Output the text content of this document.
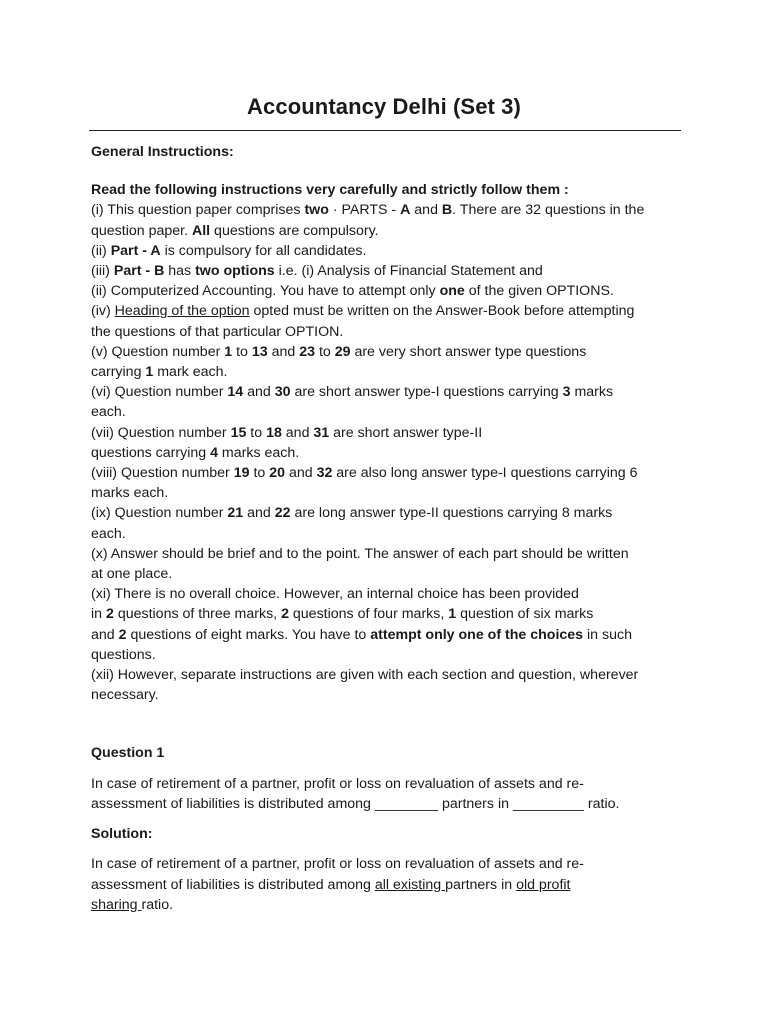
Accountancy Delhi (Set 3)
General Instructions:
Read the following instructions very carefully and strictly follow them :
(i) This question paper comprises two · PARTS - A and B. There are 32 questions in the
question paper. All questions are compulsory.
(ii) Part - A is compulsory for all candidates.
(iii) Part - B has two options i.e. (i) Analysis of Financial Statement and
(ii) Computerized Accounting. You have to attempt only one of the given OPTIONS.
(iv) Heading of the option opted must be written on the Answer-Book before attempting
the questions of that particular OPTION.
(v) Question number 1 to 13 and 23 to 29 are very short answer type questions
carrying 1 mark each.
(vi) Question number 14 and 30 are short answer type-I questions carrying 3 marks
each.
(vii) Question number 15 to 18 and 31 are short answer type-II
questions carrying 4 marks each.
(viii) Question number 19 to 20 and 32 are also long answer type-I questions carrying 6
marks each.
(ix) Question number 21 and 22 are long answer type-II questions carrying 8 marks
each.
(x) Answer should be brief and to the point. The answer of each part should be written
at one place.
(xi) There is no overall choice. However, an internal choice has been provided
in 2 questions of three marks, 2 questions of four marks, 1 question of six marks
and 2 questions of eight marks. You have to attempt only one of the choices in such
questions.
(xii) However, separate instructions are given with each section and question, wherever
necessary.
Question 1
In case of retirement of a partner, profit or loss on revaluation of assets and re-
assessment of liabilities is distributed among ________ partners in _________ ratio.
Solution:
In case of retirement of a partner, profit or loss on revaluation of assets and re-
assessment of liabilities is distributed among all existing partners in old profit
sharing ratio.
